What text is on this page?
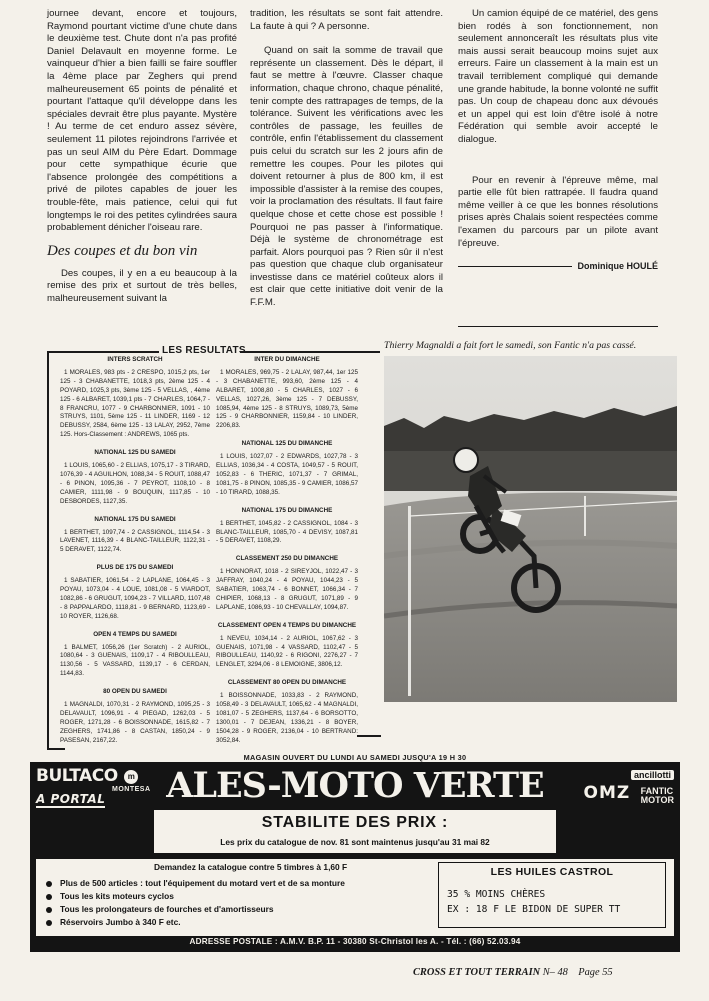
journee devant, encore et toujours, Raymond pourtant victime d'une chute dans le deuxième test. Chute dont n'a pas profité Daniel Delavault en moyenne forme. Le vainqueur d'hier a bien failli se faire souffler la 4ème place par Zeghers qui prend malheureusement 65 points de pénalité et pourtant l'attaque qu'il développe dans les spéciales devrait être plus payante. Mystère ! Au terme de cet enduro assez sévère, seulement 11 pilotes rejoindrons l'arrivée et pas un seul AIM du Père Edart. Dommage pour cette sympathique écurie que l'absence prolongée des compétitions a privé de pilotes capables de jouer les trouble-fête, mais patience, celui qui fut longtemps le roi des petites cylindrées saura probablement dénicher l'oiseau rare.

Des coupes et du bon vin

Des coupes, il y en a eu beaucoup à la remise des prix et surtout de très belles, malheureusement suivant la

tradition, les résultats se sont fait attendre. La faute à qui ? A personne.

Quand on sait la somme de travail que représente un classement. Dès le départ, il faut se mettre à l'œuvre. Classer chaque information, chaque chrono, chaque pénalité, tenir compte des rattrapages de temps, de la tolérance. Suivent les vérifications avec les contrôles de passage, les feuilles de contrôle, enfin l'établissement du classement puis celui du scratch sur les 2 jours afin de remettre les coupes. Pour les pilotes qui doivent retourner à plus de 800 km, il est impossible d'assister à la remise des coupes, voir la proclamation des résultats. Il faut faire quelque chose et cette chose est possible ! Pourquoi ne pas passer à l'informatique. Déjà le système de chronométrage est parfait. Alors pourquoi pas ? Rien sûr il n'est pas question que chaque club organisateur investisse dans ce matériel coûteux alors il est clair que cette initiative doit venir de la F.F.M.

Un camion équipé de ce matériel, des gens bien rodés à son fonctionnement, non seulement annonceraît les résultats plus vite mais aussi serait beaucoup moins sujet aux erreurs. Faire un classement à la main est un travail terriblement compliqué qui demande une grande habitude, la bonne volonté ne suffit pas. Un coup de chapeau donc aux dévoués et un appel qui est loin d'être isolé à notre Fédération qui semble avoir accepté le dialogue.

Pour en revenir à l'épreuve même, mal partie elle fût bien rattrapée. Il faudra quand même veiller à ce que les bonnes résolutions prises après Chalais soient respectées comme l'examen du parcours par un pilote avant l'épreuve.

Dominique HOULÉ
LES RESULTATS
INTERS SCRATCH
1 MORALES, 983 pts - 2 CRESPO, 1015,2 pts, 1er 125 - 3 CHABANETTE, 1018,3 pts, 2ème 125 - 4 POYARD, 1025,3 pts, 3ème 125 - 5 VELLAS, , 4ème 125 - 6 ALBARET, 1039,1 pts - 7 CHARLES, 1064,7 - 8 FRANCRU, 1077 - 9 CHARBONNIER, 1091 - 10 STRUYS, 1101, 5ème 125 - 11 LINDER, 1169 - 12 DEBUSSY, 2584, 6ème 125 - 13 LALAY, 2952, 7ème 125. Hors-Classement : ANDREWS, 1065 pts.
NATIONAL 125 DU SAMEDI
1 LOUIS, 1065,60 - 2 ELLIAS, 1075,17 - 3 TIRARD, 1076,39 - 4 AGUILHON, 1088,34 - 5 ROUIT, 1088,47 - 6 PINON, 1095,36 - 7 PEYROT, 1108,10 - 8 CAMIER, 1111,98 - 9 BOUQUIN, 1117,85 - 10 DESBORDES, 1127,35.
NATIONAL 175 DU SAMEDI
1 BERTHET, 1097,74 - 2 CASSIGNOL, 1114,54 - 3 LAVENET, 1116,39 - 4 BLANC-TAILLEUR, 1122,31 - 5 DERAVET, 1122,74.
PLUS DE 175 DU SAMEDI
1 SABATIER, 1061,54 - 2 LAPLANE, 1064,45 - 3 POYAU, 1073,04 - 4 LOUE, 1081,08 - 5 VIARDOT, 1082,86 - 6 GRUGUT, 1094,23 - 7 VILLARD, 1107,48 - 8 PAPPALARDO, 1118,81 - 9 BERNARD, 1123,69 - 10 ROYER, 1126,68.
OPEN 4 TEMPS DU SAMEDI
1 BALMET, 1056,26 (1er Scratch) - 2 AURIOL, 1080,64 - 3 GUENAIS, 1109,17 - 4 RIBOULLEAU, 1130,56 - 5 VASSARD, 1139,17 - 6 CERDAN, 1144,83.
80 OPEN DU SAMEDI
1 MAGNALDI, 1070,31 - 2 RAYMOND, 1095,25 - 3 DELAVAULT, 1096,91 - 4 PIEGAD, 1262,03 - 5 ROGER, 1271,28 - 6 BOISSONNADE, 1615,82 - 7 ZEGHERS, 1741,86 - 8 CASTAN, 1850,24 - 9 PASESAN, 2167,22.
INTER DU DIMANCHE
1 MORALES, 969,75 - 2 LALAY, 987,44, 1er 125 - 3 CHABANETTE, 993,60, 2ème 125 - 4 ALBARET, 1008,80 - 5 CHARLES, 1027 - 6 VELLAS, 1027,26, 3ème 125 - 7 DEBUSSY, 1085,94, 4ème 125 - 8 STRUYS, 1089,73, 5ème 125 - 9 CHARBONNIER, 1159,84 - 10 LINDER, 2206,83.
NATIONAL 125 DU DIMANCHE
1 LOUIS, 1027,07 - 2 EDWARDS, 1027,78 - 3 ELLIAS, 1036,34 - 4 COSTA, 1049,57 - 5 ROUIT, 1052,83 - 6 THERIC, 1071,37 - 7 GRIMAL, 1081,75 - 8 PINON, 1085,35 - 9 CAMIER, 1086,57 - 10 TIRARD, 1088,35.
NATIONAL 175 DU DIMANCHE
1 BERTHET, 1045,82 - 2 CASSIGNOL, 1084 - 3 BLANC-TAILLEUR, 1085,70 - 4 DEVISY, 1087,81 - 5 DERAVET, 1108,29.
CLASSEMENT 250 DU DIMANCHE
1 HONNORAT, 1018 - 2 SIREYJOL, 1022,47 - 3 JAFFRAY, 1040,24 - 4 POYAU, 1044,23 - 5 SABATIER, 1063,74 - 6 BONNET, 1066,34 - 7 CHIPIER, 1068,13 - 8 GRUGUT, 1071,89 - 9 LAPLANE, 1086,93 - 10 CHEVALLAY, 1094,87.
CLASSEMENT OPEN 4 TEMPS DU DIMANCHE
1 NEVEU, 1034,14 - 2 AURIOL, 1067,62 - 3 GUENAIS, 1071,98 - 4 VASSARD, 1102,47 - 5 RIBOULLEAU, 1140,92 - 6 RIGONI, 2276,27 - 7 LENGLET, 3294,06 - 8 LEMOIGNE, 3806,12.
CLASSEMENT 80 OPEN DU DIMANCHE
1 BOISSONNADE, 1033,83 - 2 RAYMOND, 1058,49 - 3 DELAVAULT, 1065,62 - 4 MAGNALDI, 1081,07 - 5 ZEGHERS, 1137,64 - 6 BORSOTTO, 1300,01 - 7 DEJEAN, 1336,21 - 8 BOYER, 1504,28 - 9 ROGER, 2136,04 - 10 BERTRAND: 3052,84.
Thierry Magnaldi a fait fort le samedi, son Fantic n'a pas cassé.
MAGASIN OUVERT DU LUNDI AU SAMEDI JUSQU'A 19 H 30
BULTACO	m
MONTESA
A PORTAL	ALES-MOTO VERTE	ancillotti
OMZ FANTIC
MOTOR
STABILITE DES PRIX :
Les prix du catalogue de nov. 81 sont maintenus jusqu'au 31 mai 82
Demandez la catalogue contre 5 timbres à 1,60 F
Plus de 500 articles : tout l'équipement du motard vert et de sa monture
Tous les kits moteurs cyclos
Tous les prolongateurs de fourches et d'amortisseurs
Réservoirs Jumbo à 340 F etc.
LES HUILES CASTROL
35 % MOINS CHÈRES
EX : 18 F LE BIDON DE SUPER TT
ADRESSE POSTALE : A.M.V. B.P. 11 - 30380 St-Christol les A. - Tél. : (66) 52.03.94
CROSS ET TOUT TERRAIN N– 48 Page 55
